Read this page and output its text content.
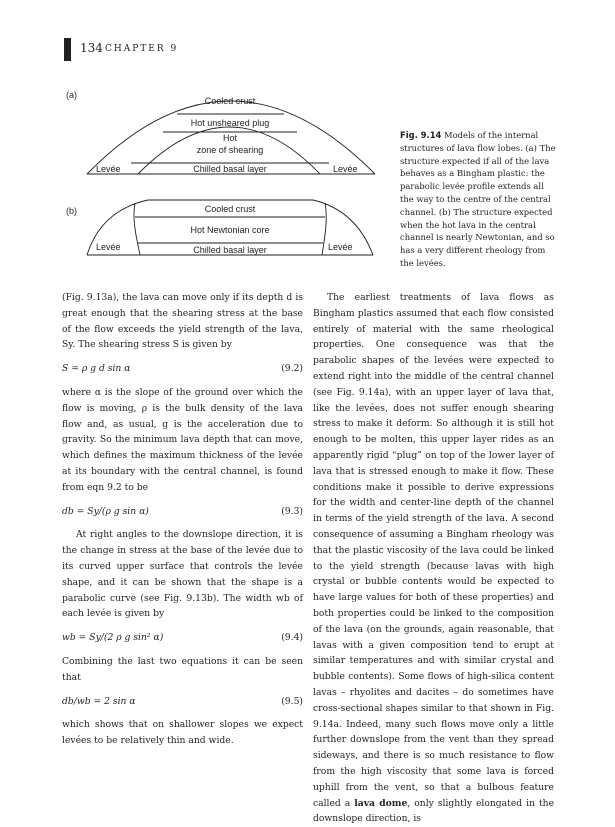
134 CHAPTER 9
(a)
Cooled crust
Hot unsheared plug
Hot
zone of shearing
Chilled basal layer
Levée	Levée
(b)	Cooled crust
Hot Newtonian core
Chilled basal layer
Levée	Levée
Fig. 9.14 Models of the internal structures of lava flow lobes. (a) The structure expected if all of the lava behaves as a Bingham plastic: the parabolic levée profile extends all the way to the centre of the central channel. (b) The structure expected when the hot lava in the central channel is nearly Newtonian, and so has a very different rheology from the levées.

(Fig. 9.13a), the lava can move only if its depth d is great enough that the shearing stress at the base of the flow exceeds the yield strength of the lava, Sy. The shearing stress S is given by

S = ρ g d sin α	(9.2)

where α is the slope of the ground over which the flow is moving, ρ is the bulk density of the lava flow and, as usual, g is the acceleration due to gravity. So the minimum lava depth that can move, which defines the maximum thickness of the levée at its boundary with the central channel, is found from eqn 9.2 to be

db = Sy/(ρ g sin α)	(9.3)

At right angles to the downslope direction, it is the change in stress at the base of the levée due to its curved upper surface that controls the levée shape, and it can be shown that the shape is a parabolic curve (see Fig. 9.13b). The width wb of each levée is given by

wb = Sy/(2 ρ g sin² α)	(9.4)

Combining the last two equations it can be seen that

db/wb = 2 sin α	(9.5)

which shows that on shallower slopes we expect levées to be relatively thin and wide.

The earliest treatments of lava flows as Bingham plastics assumed that each flow consisted entirely of material with the same rheological properties. One consequence was that the parabolic shapes of the levées were expected to extend right into the middle of the central channel (see Fig. 9.14a), with an upper layer of lava that, like the levées, does not suffer enough shearing stress to make it deform. So although it is still hot enough to be molten, this upper layer rides as an apparently rigid “plug” on top of the lower layer of lava that is stressed enough to make it flow. These conditions make it possible to derive expressions for the width and center-line depth of the channel in terms of the yield strength of the lava. A second consequence of assuming a Bingham rheology was that the plastic viscosity of the lava could be linked to the yield strength (because lavas with high crystal or bubble contents would be expected to have large values for both of these properties) and both properties could be linked to the composition of the lava (on the grounds, again reasonable, that lavas with a given composition tend to erupt at similar temperatures and with similar crystal and bubble contents). Some flows of high-silica content lavas – rhyolites and dacites – do sometimes have cross-sectional shapes similar to that shown in Fig. 9.14a. Indeed, many such flows move only a little further downslope from the vent than they spread sideways, and there is so much resistance to flow from the high viscosity that some lava is forced uphill from the vent, so that a bulbous feature called a lava dome, only slightly elongated in the downslope direction, is
